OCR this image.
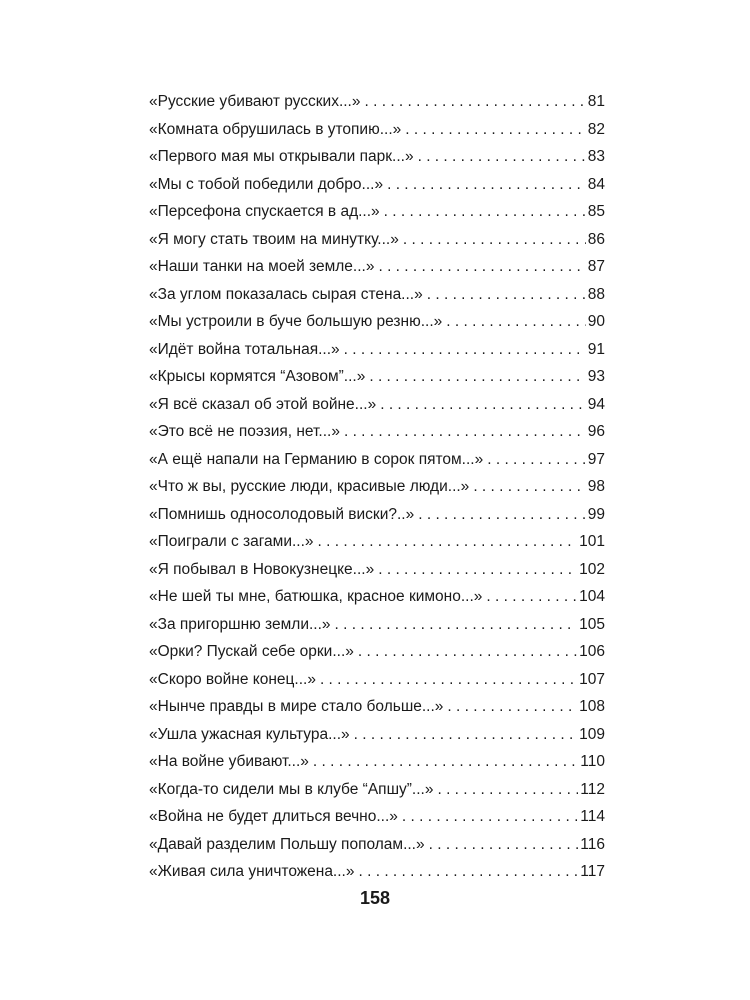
«Русские убивают русских...» . . .	81
«Комната обрушилась в утопию...» . . .	82
«Первого мая мы открывали парк...» . . .	83
«Мы с тобой победили добро...» . . .	84
«Персефона спускается в ад...» . . .	85
«Я могу стать твоим на минутку...» . . .	86
«Наши танки на моей земле...» . . .	87
«За углом показалась сырая стена...» . . .	88
«Мы устроили в буче большую резню...» . . .	90
«Идёт война тотальная...» . . .	91
«Крысы кормятся “Азовом”...» . . .	93
«Я всё сказал об этой войне...» . . .	94
«Это всё не поэзия, нет...» . . .	96
«А ещё напали на Германию в сорок пятом...» . . .	97
«Что ж вы, русские люди, красивые люди...» . . .	98
«Помнишь односолодовый виски?..» . . .	99
«Поиграли с загами...» . . .	101
«Я побывал в Новокузнецке...» . . .	102
«Не шей ты мне, батюшка, красное кимоно...» . . .	104
«За пригоршню земли...» . . .	105
«Орки? Пускай себе орки...» . . .	106
«Скоро войне конец...» . . .	107
«Нынче правды в мире стало больше...» . . .	108
«Ушла ужасная культура...» . . .	109
«На войне убивают...» . . .	110
«Когда-то сидели мы в клубе “Апшу”...» . . .	112
«Война не будет длиться вечно...» . . .	114
«Давай разделим Польшу пополам...» . . .	116
«Живая сила уничтожена...» . . .	117
158
